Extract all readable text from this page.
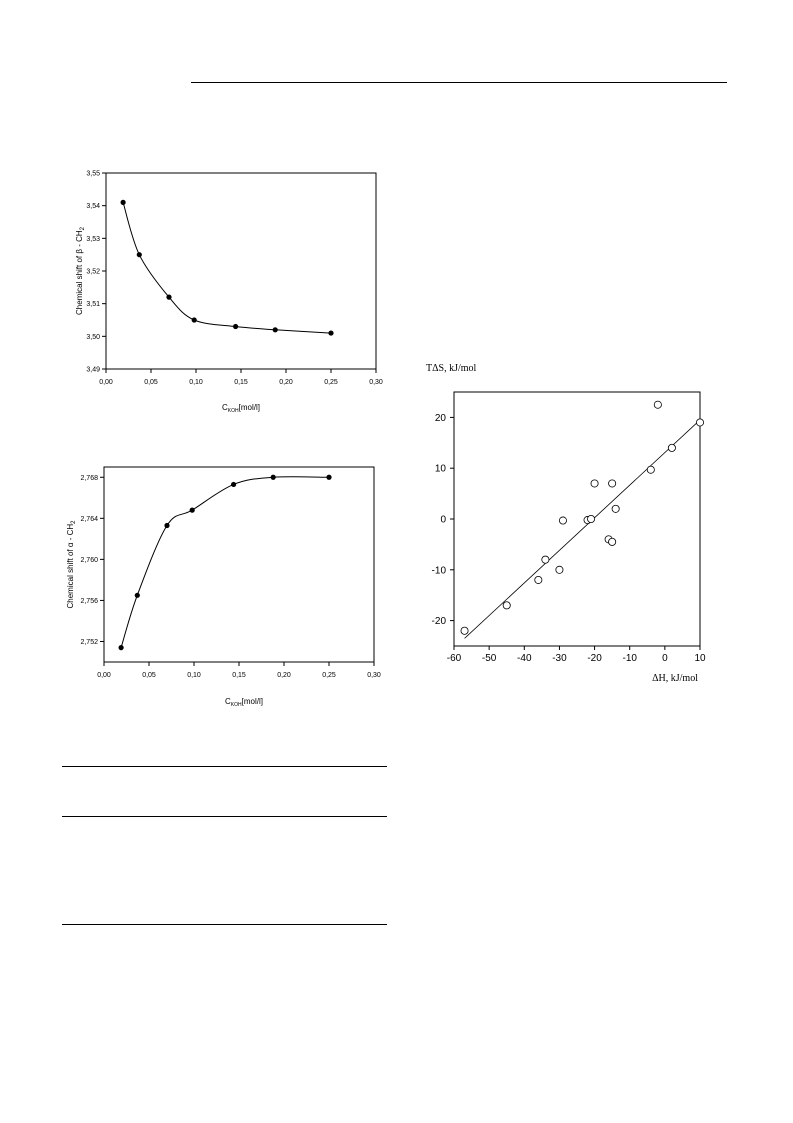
0,00	0,05	0,10	0,15	0,20	0,25	0,30
3,49
3,50
3,51
3,52
3,53
3,54
3,55
$C_{KOH}[mol/l]$
Chemical shift of β - $CH_2$
0,00	0,05	0,10	0,15	0,20	0,25	0,30
2,752
2,756
2,760
2,764
2,768
$C_{KOH}[mol/l]$
Chemical shift of α - $CH_2$
-60 -50 -40 -30 -20 -10	0	10
-20
-10
0
10
20
TΔS, kJ/mol
ΔH, kJ/mol
